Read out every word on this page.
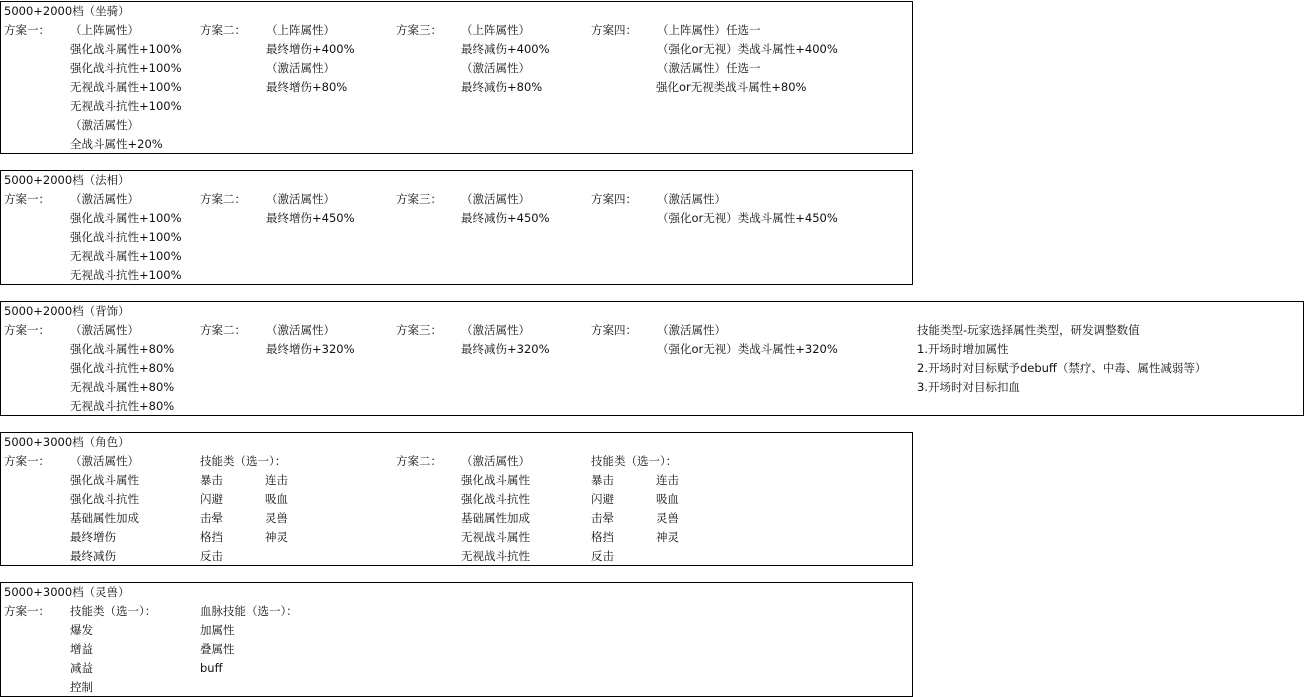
5000+2000档（坐骑）
方案一： （上阵属性）
强化战斗属性+100%
强化战斗抗性+100%
无视战斗属性+100%
无视战斗抗性+100%
（激活属性）
全战斗属性+20%
方案二： （上阵属性）
最终增伤+400%
（激活属性）
最终增伤+80%
方案三： （上阵属性）
最终减伤+400%
（激活属性）
最终减伤+80%
方案四： （上阵属性）任选一
（强化or无视）类战斗属性+400%
（激活属性）任选一
强化or无视类战斗属性+80%
5000+2000档（法相）
方案一： （激活属性）
强化战斗属性+100%
强化战斗抗性+100%
无视战斗属性+100%
无视战斗抗性+100%
方案二： （激活属性）
最终增伤+450%
方案三： （激活属性）
最终减伤+450%
方案四： （激活属性）
（强化or无视）类战斗属性+450%
5000+2000档（背饰）
方案一： （激活属性）
强化战斗属性+80%
强化战斗抗性+80%
无视战斗属性+80%
无视战斗抗性+80%
方案二： （激活属性）
最终增伤+320%
方案三： （激活属性）
最终减伤+320%
方案四： （激活属性）
（强化or无视）类战斗属性+320%
技能类型-玩家选择属性类型，研发调整数值
1.开场时增加属性
2.开场时对目标赋予debuff（禁疗、中毒、属性减弱等）
3.开场时对目标扣血
5000+3000档（角色）
方案一： （激活属性）
强化战斗属性
强化战斗抗性
基础属性加成
最终增伤
最终减伤
技能类（选一）：
暴击
闪避
击晕
格挡
反击
连击
吸血
灵兽
神灵
方案二： （激活属性）
强化战斗属性
强化战斗抗性
基础属性加成
无视战斗属性
无视战斗抗性
技能类（选一）：
暴击
闪避
击晕
格挡
反击
连击
吸血
灵兽
神灵
5000+3000档（灵兽）
方案一： 技能类（选一）：
爆发
增益
减益
控制
血脉技能（选一）：
加属性
叠属性
buff
